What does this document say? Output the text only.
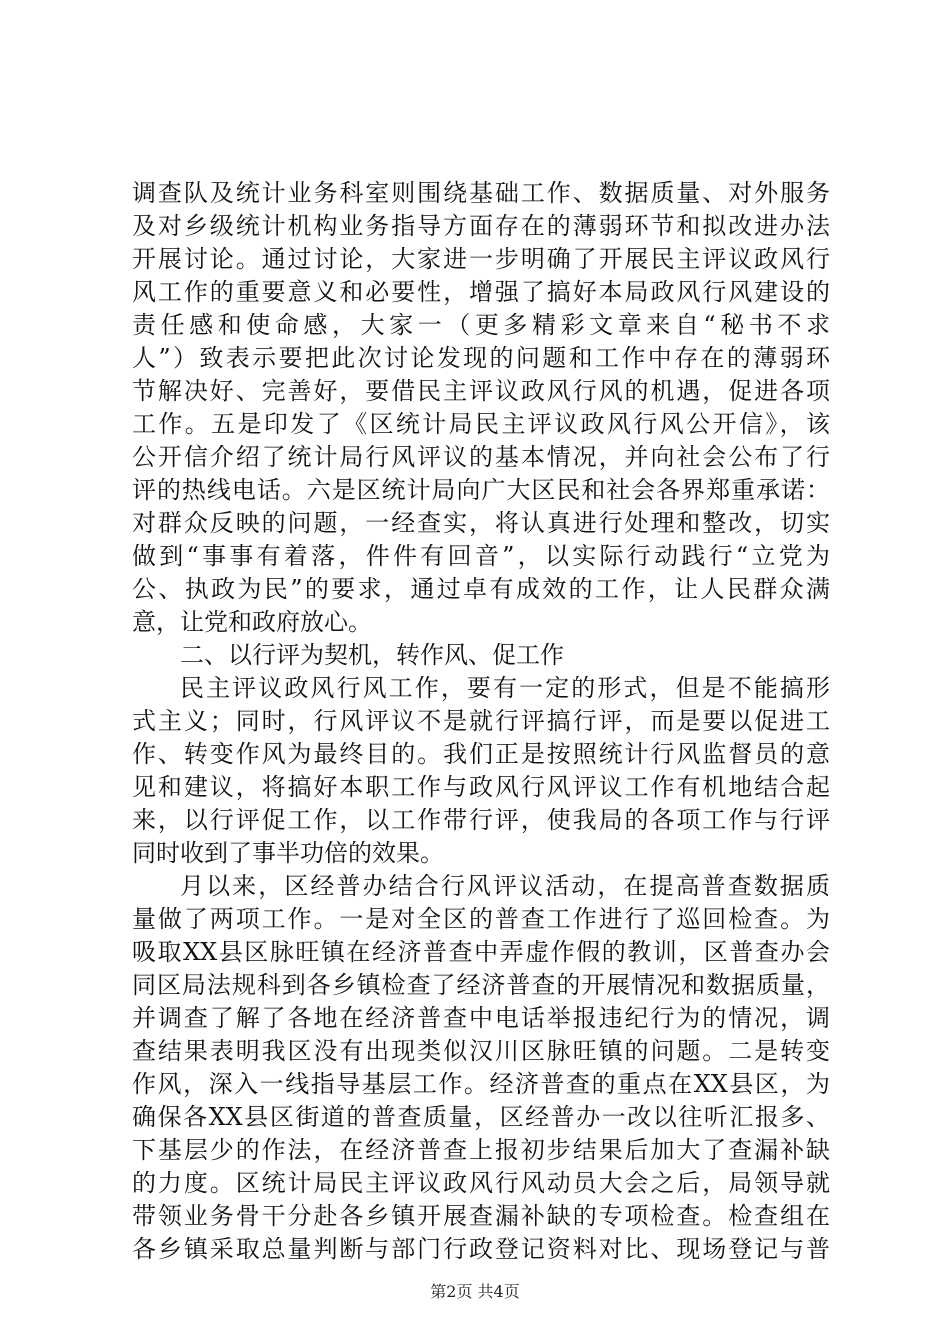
调查队及统计业务科室则围绕基础工作、数据质量、对外服务
及对乡级统计机构业务指导方面存在的薄弱环节和拟改进办法
开展讨论。通过讨论，大家进一步明确了开展民主评议政风行
风工作的重要意义和必要性，增强了搞好本局政风行风建设的
责任感和使命感，大家一（更多精彩文章来自“秘书不求
人”）致表示要把此次讨论发现的问题和工作中存在的薄弱环
节解决好、完善好，要借民主评议政风行风的机遇，促进各项
工作。五是印发了《区统计局民主评议政风行风公开信》，该
公开信介绍了统计局行风评议的基本情况，并向社会公布了行
评的热线电话。六是区统计局向广大区民和社会各界郑重承诺：
对群众反映的问题，一经查实，将认真进行处理和整改，切实
做到“事事有着落，件件有回音”，以实际行动践行“立党为
公、执政为民”的要求，通过卓有成效的工作，让人民群众满
意，让党和政府放心。
二、以行评为契机，转作风、促工作
民主评议政风行风工作，要有一定的形式，但是不能搞形
式主义；同时，行风评议不是就行评搞行评，而是要以促进工
作、转变作风为最终目的。我们正是按照统计行风监督员的意
见和建议，将搞好本职工作与政风行风评议工作有机地结合起
来，以行评促工作，以工作带行评，使我局的各项工作与行评
同时收到了事半功倍的效果。
月以来，区经普办结合行风评议活动，在提高普查数据质
量做了两项工作。一是对全区的普查工作进行了巡回检查。为
吸取XX县区脉旺镇在经济普查中弄虚作假的教训，区普查办会
同区局法规科到各乡镇检查了经济普查的开展情况和数据质量，
并调查了解了各地在经济普查中电话举报违纪行为的情况，调
查结果表明我区没有出现类似汉川区脉旺镇的问题。二是转变
作风，深入一线指导基层工作。经济普查的重点在XX县区，为
确保各XX县区街道的普查质量，区经普办一改以往听汇报多、
下基层少的作法，在经济普查上报初步结果后加大了查漏补缺
的力度。区统计局民主评议政风行风动员大会之后，局领导就
带领业务骨干分赴各乡镇开展查漏补缺的专项检查。检查组在
各乡镇采取总量判断与部门行政登记资料对比、现场登记与普
第2页 共4页
